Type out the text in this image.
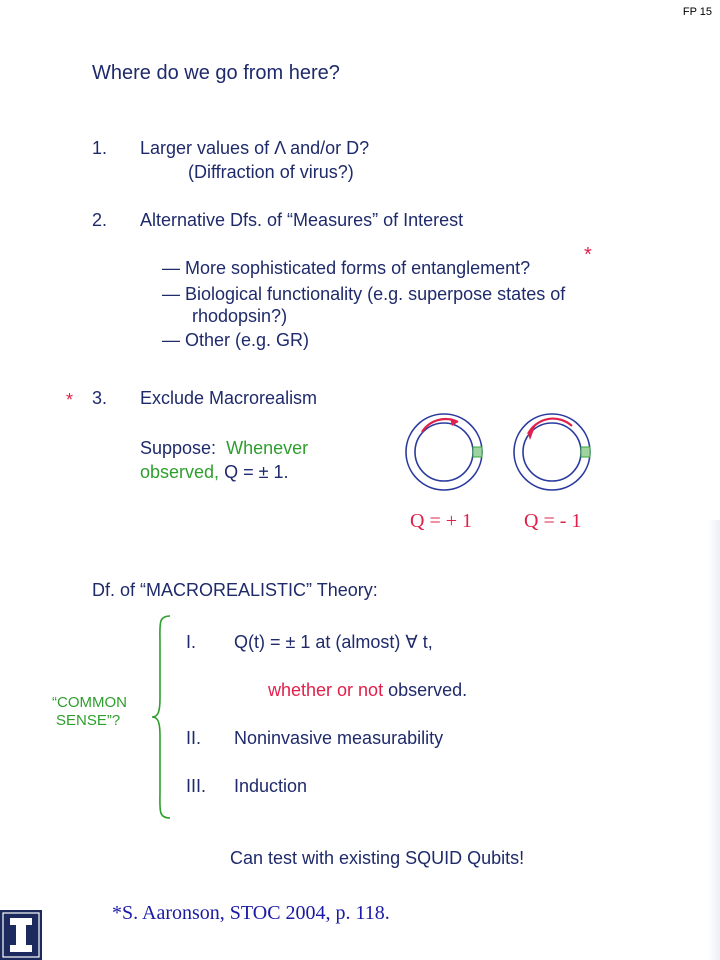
FP 15
Where do we go from here?
1. Larger values of Λ and/or D?
(Diffraction of virus?)
2. Alternative Dfs. of “Measures” of Interest
*
— More sophisticated forms of entanglement?
— Biological functionality (e.g. superpose states of
rhodopsin?)
— Other (e.g. GR)
* 3. Exclude Macrorealism
Suppose: Whenever
observed, Q = ± 1.
Q = + 1	Q = - 1
Df. of “MACROREALISTIC” Theory:
“COMMON
SENSE”?
I. Q(t) = ± 1 at (almost) ∀ t,
whether or not observed.
II. Noninvasive measurability
III. Induction
Can test with existing SQUID Qubits!
*S. Aaronson, STOC 2004, p. 118.
